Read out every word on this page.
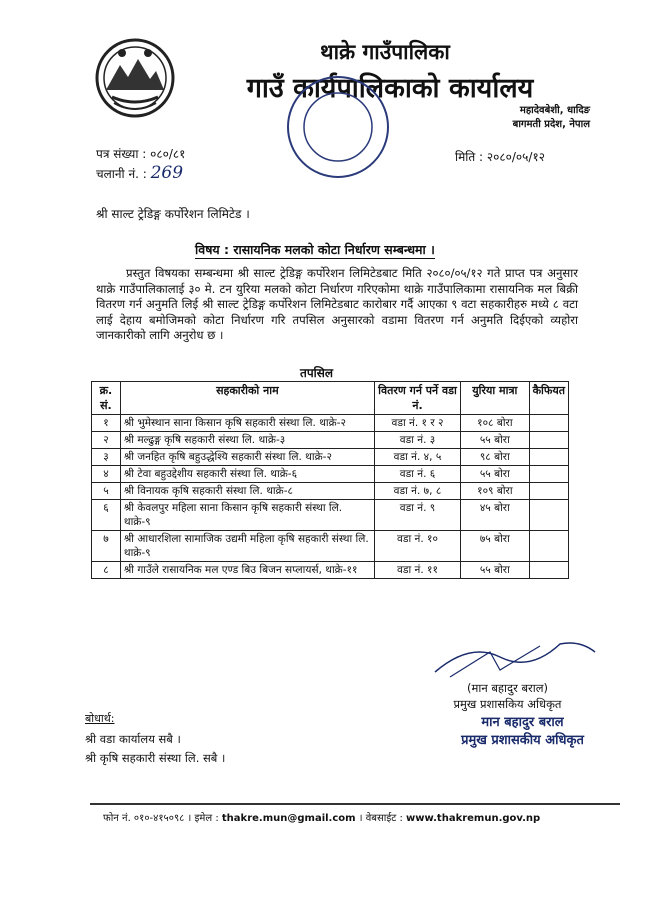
थाक्रे गाउँपालिका
गाउँ कार्यपालिकाको कार्यालय
महादेवबेशी, धादिङ
बागमती प्रदेश, नेपाल
पत्र संख्या : ०८०/८१
चलानी नं. : 269
मिति : २०८०/०५/१२
श्री साल्ट ट्रेडिङ्ग कर्पोरेशन लिमिटेड ।
विषय : रासायनिक मलको कोटा निर्धारण सम्बन्धमा ।
प्रस्तुत विषयका सम्बन्धमा श्री साल्ट ट्रेडिङ्ग कर्पोरेशन लिमिटेडबाट मिति २०८०/०५/१२ गते प्राप्त पत्र अनुसार थाक्रे गाउँपालिकालाई ३० मे. टन युरिया मलको कोटा निर्धारण गरिएकोमा थाक्रे गाउँपालिकामा रासायनिक मल बिक्री वितरण गर्न अनुमति लिई श्री साल्ट ट्रेडिङ्ग कर्पोरेशन लिमिटेडबाट कारोबार गर्दै आएका ९ वटा सहकारीहरु मध्ये ८ वटा लाई देहाय बमोजिमको कोटा निर्धारण गरि तपसिल अनुसारको वडामा वितरण गर्न अनुमति दिईएको व्यहोरा जानकारीको लागि अनुरोध छ ।
तपसिल
क्र. सं.	सहकारीको नाम	वितरण गर्न पर्ने वडा नं.	युरिया मात्रा	कैफियत
१	श्री भुमेस्थान साना किसान कृषि सहकारी संस्था लि. थाक्रे-२	वडा नं. १ र २	१०८ बोरा	
२	श्री मल्ढुङ्ग कृषि सहकारी संस्था लि. थाक्रे-३	वडा नं. ३	५५ बोरा	
३	श्री जनहित कृषि बहुउद्धेश्यि सहकारी संस्था लि. थाक्रे-२	वडा नं. ४, ५	९८ बोरा	
४	श्री टेवा बहुउद्देशीय सहकारी संस्था लि. थाक्रे-६	वडा नं. ६	५५ बोरा	
५	श्री विनायक कृषि सहकारी संस्था लि. थाक्रे-८	वडा नं. ७, ८	१०९ बोरा	
६	श्री केवलपुर महिला साना किसान कृषि सहकारी संस्था लि. थाक्रे-९	वडा नं. ९	४५ बोरा	
७	श्री आधारशिला सामाजिक उद्यमी महिला कृषि सहकारी संस्था लि. थाक्रे-९	वडा नं. १०	७५ बोरा	
८	श्री गाउँले रासायनिक मल एण्ड बिउ बिजन सप्लायर्स, थाक्रे-११	वडा नं. ११	५५ बोरा	
(मान बहादुर बराल)
प्रमुख प्रशासकिय अधिकृत
मान बहादुर बराल
प्रमुख प्रशासकीय अधिकृत
बोधार्थ:
श्री वडा कार्यालय सबै ।
श्री कृषि सहकारी संस्था लि. सबै ।
फोन नं. ०१०-४१५०९८ । इमेल : thakre.mun@gmail.com । वेबसाईट : www.thakremun.gov.np
